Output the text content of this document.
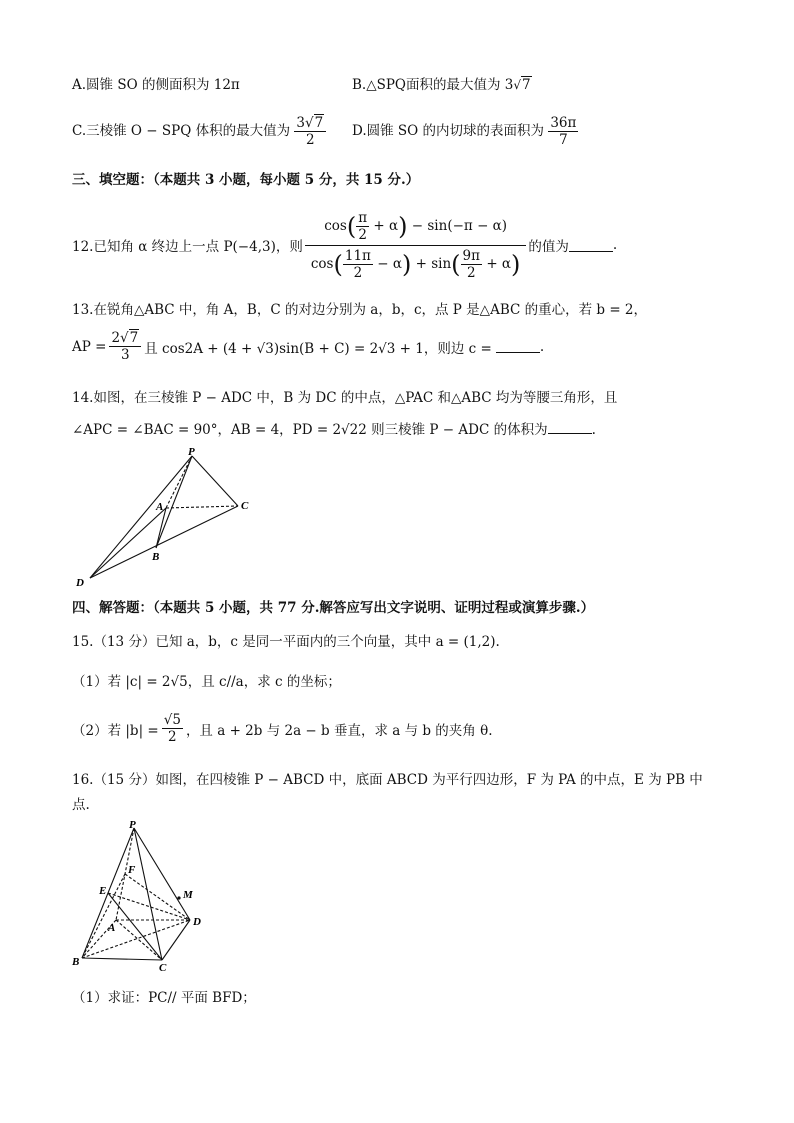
A.圆锥 SO 的侧面积为 12π	B.△SPQ面积的最大值为 3√7
C.三棱锥 O − SPQ 体积的最大值为 $\frac{3√7}{2} D$.圆锥 SO 的内切球的表面积为 $\frac{36\pi}{7}$
三、填空题：（本题共 3 小题，每小题 5 分，共 15 分.）
12.已知角 α 终边上一点 P(−4,3)，则 $\frac{\cos( \frac{\pi}{2} + \alpha) - \sin(-\pi - \alpha)}{\cos( \frac{11\pi}{2} - \alpha) + \sin( \frac{9\pi}{2} + \alpha)}$ 的值为	.
13.在锐角△ABC 中，角 A，B，C 的对边分别为 a，b，c，点 P 是△ABC 的重心，若 b = 2，
AP = $\frac{2√7}{3}$ 且 cos2A + (4 + √3)sin(B + C) = 2√3 + 1，则边 c =	.
14.如图，在三棱锥 P − ADC 中，B 为 DC 的中点，△PAC 和△ABC 均为等腰三角形，且
∠APC = ∠BAC = 90°，AB = 4，PD = 2√22 则三棱锥 P − ADC 的体积为	.
P
A	C
B
D
四、解答题：（本题共 5 小题，共 77 分.解答应写出文字说明、证明过程或演算步骤.）
15.（13 分）已知 a，b，c 是同一平面内的三个向量，其中 a = (1,2).
（1）若 |c| = 2√5，且 c//a，求 c 的坐标；
（2）若 $|b| = \frac{√5}{2}$ ，且 a + 2b 与 2a − b 垂直，求 a 与 b 的夹角 θ.
16.（15 分）如图，在四棱锥 P − ABCD 中，底面 ABCD 为平行四边形，F 为 PA 的中点，E 为 PB 中
点.
P
F
E	M
A	D
B	C
（1）求证：PC// 平面 BFD；
